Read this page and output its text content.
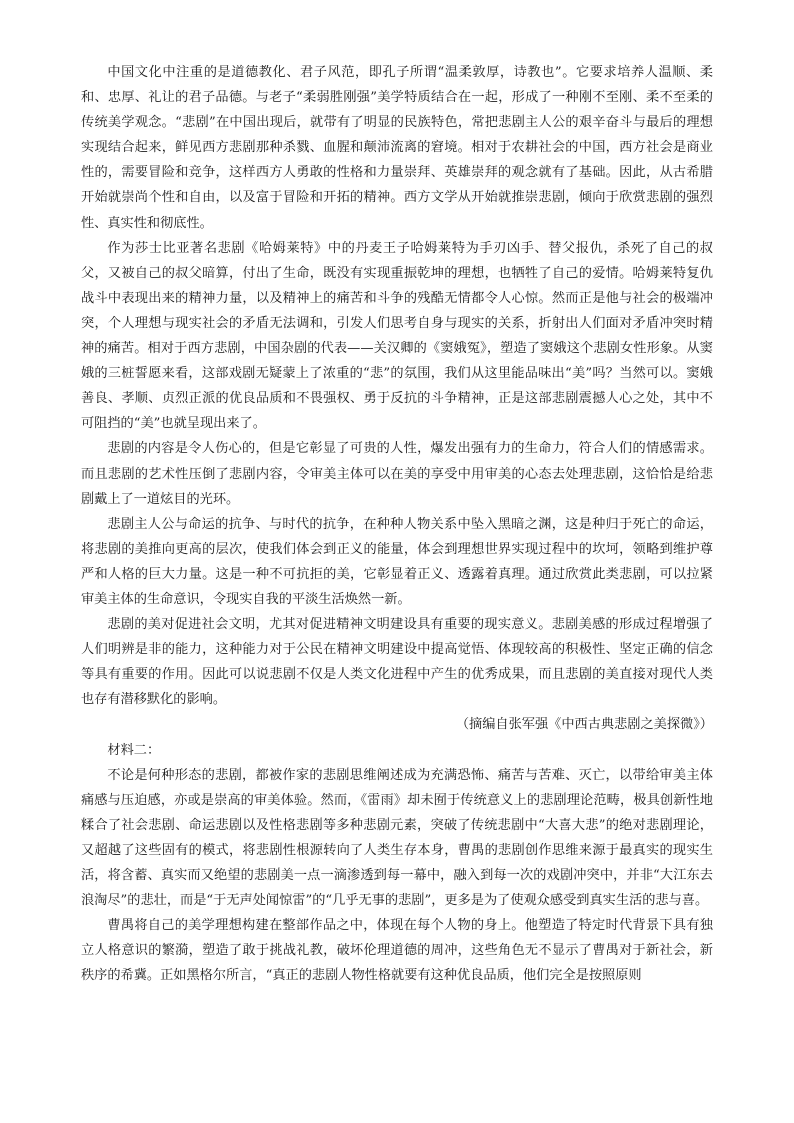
中国文化中注重的是道德教化、君子风范，即孔子所谓“温柔敦厚，诗教也”。它要求培养人温顺、柔和、忠厚、礼让的君子品德。与老子“柔弱胜刚强”美学特质结合在一起，形成了一种刚不至刚、柔不至柔的传统美学观念。“悲剧”在中国出现后，就带有了明显的民族特色，常把悲剧主人公的艰辛奋斗与最后的理想实现结合起来，鲜见西方悲剧那种杀戮、血腥和颠沛流离的窘境。相对于农耕社会的中国，西方社会是商业性的，需要冒险和竞争，这样西方人勇敢的性格和力量崇拜、英雄崇拜的观念就有了基础。因此，从古希腊开始就崇尚个性和自由，以及富于冒险和开拓的精神。西方文学从开始就推崇悲剧，倾向于欣赏悲剧的强烈性、真实性和彻底性。

作为莎士比亚著名悲剧《哈姆莱特》中的丹麦王子哈姆莱特为手刃凶手、替父报仇，杀死了自己的叔父，又被自己的叔父暗算，付出了生命，既没有实现重振乾坤的理想，也牺牲了自己的爱情。哈姆莱特复仇战斗中表现出来的精神力量，以及精神上的痛苦和斗争的残酷无情都令人心惊。然而正是他与社会的极端冲突，个人理想与现实社会的矛盾无法调和，引发人们思考自身与现实的关系，折射出人们面对矛盾冲突时精神的痛苦。相对于西方悲剧，中国杂剧的代表——关汉卿的《窦娥冤》，塑造了窦娥这个悲剧女性形象。从窦娥的三桩誓愿来看，这部戏剧无疑蒙上了浓重的“悲”的氛围，我们从这里能品味出“美”吗？当然可以。窦娥善良、孝顺、贞烈正派的优良品质和不畏强权、勇于反抗的斗争精神，正是这部悲剧震撼人心之处，其中不可阻挡的“美”也就呈现出来了。

悲剧的内容是令人伤心的，但是它彰显了可贵的人性，爆发出强有力的生命力，符合人们的情感需求。而且悲剧的艺术性压倒了悲剧内容，令审美主体可以在美的享受中用审美的心态去处理悲剧，这恰恰是给悲剧戴上了一道炫目的光环。

悲剧主人公与命运的抗争、与时代的抗争，在种种人物关系中坠入黑暗之渊，这是种归于死亡的命运，将悲剧的美推向更高的层次，使我们体会到正义的能量，体会到理想世界实现过程中的坎坷，领略到维护尊严和人格的巨大力量。这是一种不可抗拒的美，它彰显着正义、透露着真理。通过欣赏此类悲剧，可以拉紧审美主体的生命意识，令现实自我的平淡生活焕然一新。

悲剧的美对促进社会文明，尤其对促进精神文明建设具有重要的现实意义。悲剧美感的形成过程增强了人们明辨是非的能力，这种能力对于公民在精神文明建设中提高觉悟、体现较高的积极性、坚定正确的信念等具有重要的作用。因此可以说悲剧不仅是人类文化进程中产生的优秀成果，而且悲剧的美直接对现代人类也存有潜移默化的影响。

（摘编自张军强《中西古典悲剧之美探微》）

材料二：

不论是何种形态的悲剧，都被作家的悲剧思维阐述成为充满恐怖、痛苦与苦难、灭亡，以带给审美主体痛感与压迫感，亦或是崇高的审美体验。然而，《雷雨》却未囿于传统意义上的悲剧理论范畴，极具创新性地糅合了社会悲剧、命运悲剧以及性格悲剧等多种悲剧元素，突破了传统悲剧中“大喜大悲”的绝对悲剧理论，又超越了这些固有的模式，将悲剧性根源转向了人类生存本身，曹禺的悲剧创作思维来源于最真实的现实生活，将含蓄、真实而又绝望的悲剧美一点一滴渗透到每一幕中，融入到每一次的戏剧冲突中，并非“大江东去浪淘尽”的悲壮，而是“于无声处闻惊雷”的“几乎无事的悲剧”，更多是为了使观众感受到真实生活的悲与喜。

曹禺将自己的美学理想构建在整部作品之中，体现在每个人物的身上。他塑造了特定时代背景下具有独立人格意识的繁漪，塑造了敢于挑战礼教，破坏伦理道德的周冲，这些角色无不显示了曹禺对于新社会，新秩序的希冀。正如黑格尔所言，“真正的悲剧人物性格就要有这种优良品质，他们完全是按照原则
